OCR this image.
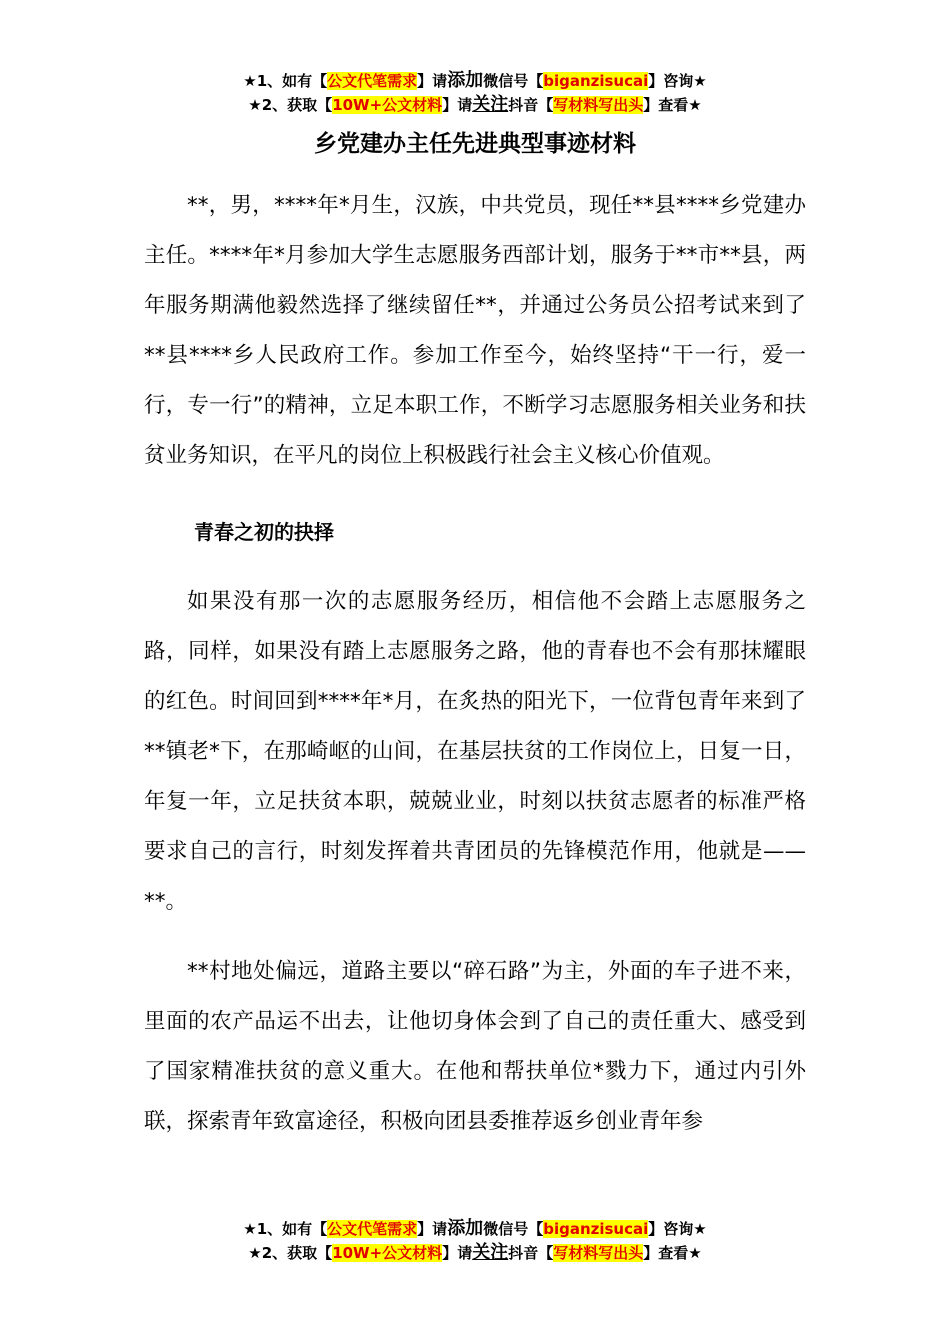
★1、如有【公文代笔需求】请添加微信号【biganzisucai】咨询★
★2、获取【10W+公文材料】请关注抖音【写材料写出头】查看★
乡党建办主任先进典型事迹材料

**，男，****年*月生，汉族，中共党员，现任**县****乡党建办主任。****年*月参加大学生志愿服务西部计划，服务于**市**县，两年服务期满他毅然选择了继续留任**，并通过公务员公招考试来到了**县****乡人民政府工作。参加工作至今，始终坚持“干一行，爱一行，专一行”的精神，立足本职工作，不断学习志愿服务相关业务和扶贫业务知识，在平凡的岗位上积极践行社会主义核心价值观。

青春之初的抉择

如果没有那一次的志愿服务经历，相信他不会踏上志愿服务之路，同样，如果没有踏上志愿服务之路，他的青春也不会有那抹耀眼的红色。时间回到****年*月，在炙热的阳光下，一位背包青年来到了**镇老*下，在那崎岖的山间，在基层扶贫的工作岗位上，日复一日，年复一年，立足扶贫本职，兢兢业业，时刻以扶贫志愿者的标准严格要求自己的言行，时刻发挥着共青团员的先锋模范作用，他就是——**。

**村地处偏远，道路主要以“碎石路”为主，外面的车子进不来，里面的农产品运不出去，让他切身体会到了自己的责任重大、感受到了国家精准扶贫的意义重大。在他和帮扶单位*戮力下，通过内引外联，探索青年致富途径，积极向团县委推荐返乡创业青年参

★1、如有【公文代笔需求】请添加微信号【biganzisucai】咨询★
★2、获取【10W+公文材料】请关注抖音【写材料写出头】查看★
